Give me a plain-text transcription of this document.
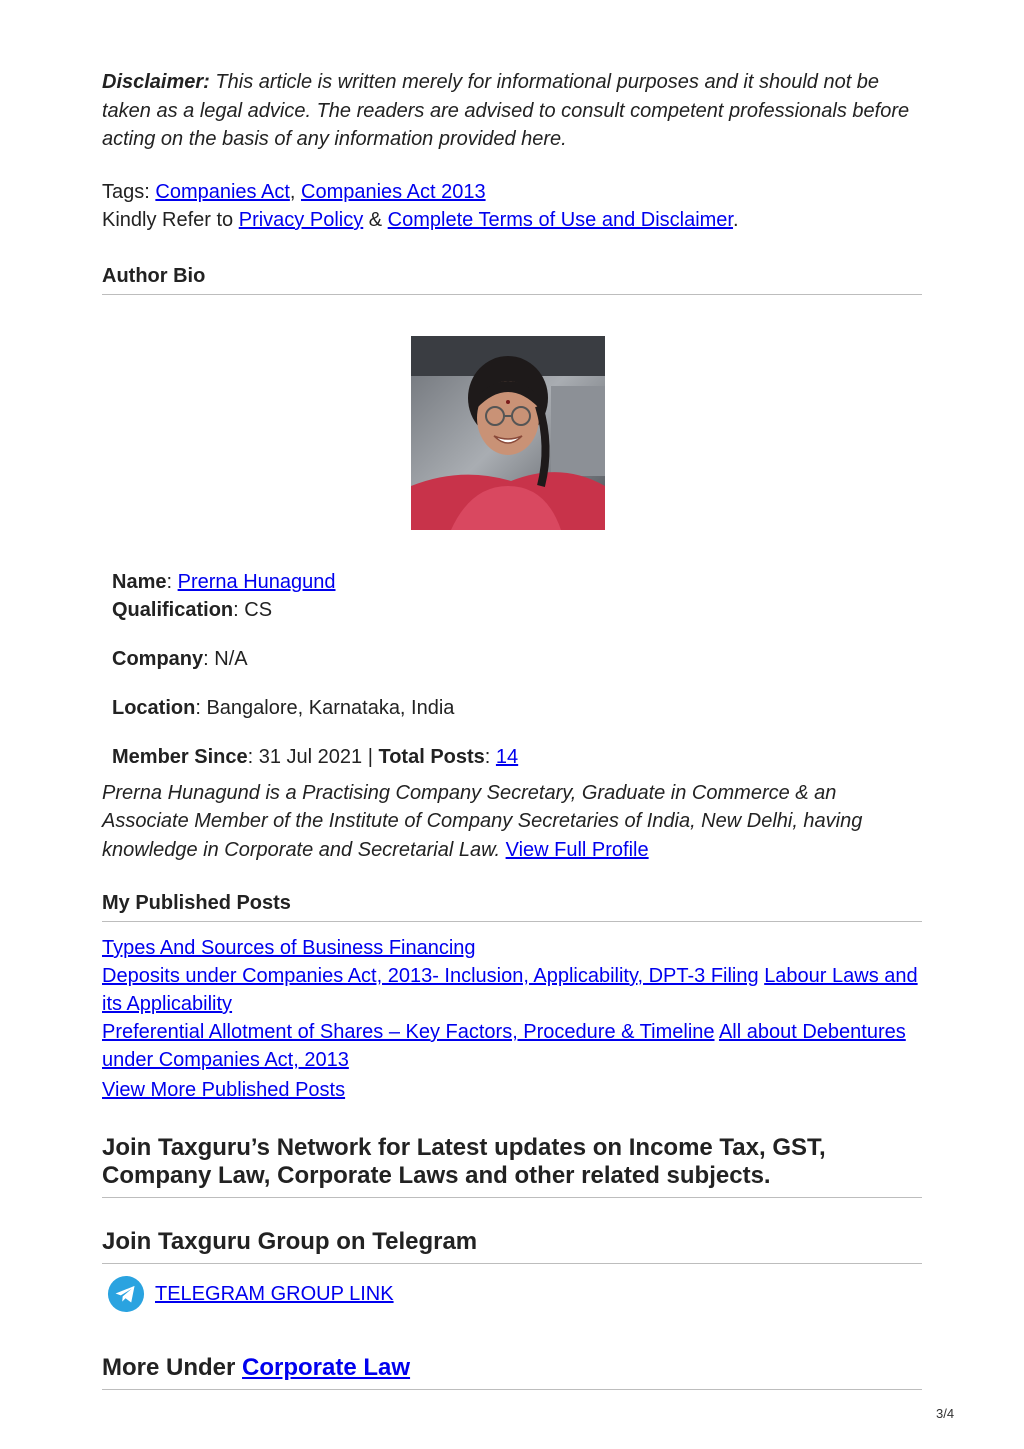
Disclaimer: This article is written merely for informational purposes and it should not be taken as a legal advice. The readers are advised to consult competent professionals before acting on the basis of any information provided here.

Tags: Companies Act, Companies Act 2013
Kindly Refer to Privacy Policy & Complete Terms of Use and Disclaimer.
Author Bio

Name: Prerna Hunagund

Qualification: CS

Company: N/A

Location: Bangalore, Karnataka, India

Member Since: 31 Jul 2021 | Total Posts: 14

Prerna Hunagund is a Practising Company Secretary, Graduate in Commerce & an Associate Member of the Institute of Company Secretaries of India, New Delhi, having knowledge in Corporate and Secretarial Law. View Full Profile

My Published Posts
Types And Sources of Business Financing
Deposits under Companies Act, 2013- Inclusion, Applicability, DPT-3 Filing Labour Laws and its Applicability
Preferential Allotment of Shares – Key Factors, Procedure & Timeline All about Debentures under Companies Act, 2013
View More Published Posts
Join Taxguru’s Network for Latest updates on Income Tax, GST, Company Law, Corporate Laws and other related subjects.
Join Taxguru Group on Telegram
TELEGRAM GROUP LINK
More Under Corporate Law
3/4
